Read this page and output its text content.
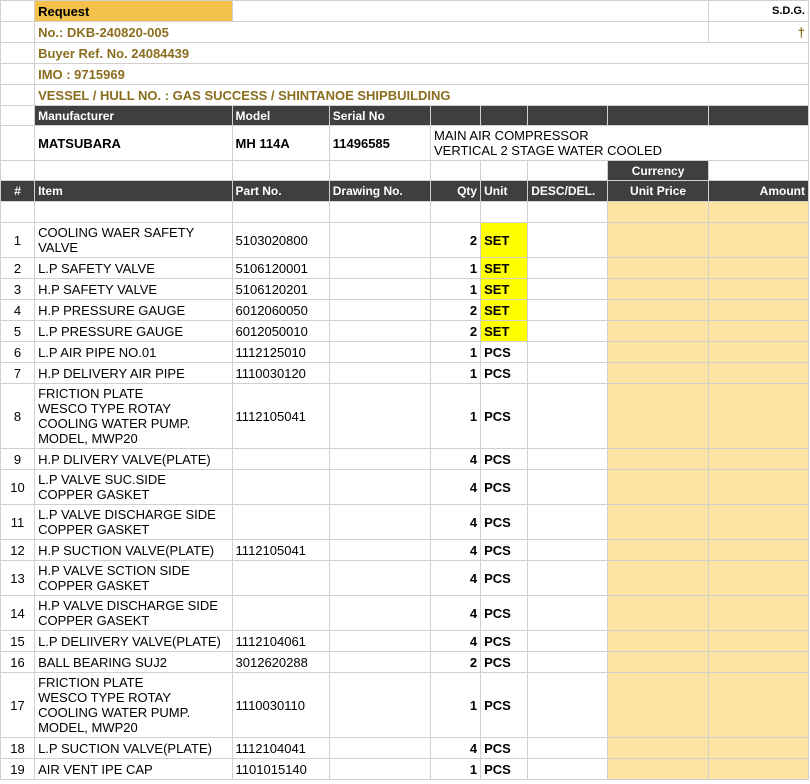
	Request							S.D.G.
	No.: DKB-240820-005							†
	Buyer Ref. No. 24084439							
	IMO : 9715969							
	VESSEL / HULL NO. : GAS SUCCESS / SHINTANOE SHIPBUILDING							
	Manufacturer	Model	Serial No					
	MATSUBARA	MH 114A	11496585	MAIN AIR COMPRESSOR
VERTICAL 2 STAGE WATER COOLED				

							Currency	
#	Item	Part No.	Drawing No.	Qty	Unit	DESC/DEL.	Unit Price	Amount

1	COOLING WAER SAFETY
VALVE	5103020800		2	SET			
2	L.P SAFETY VALVE	5106120001		1	SET			
3	H.P SAFETY VALVE	5106120201		1	SET			
4	H.P PRESSURE GAUGE	6012060050		2	SET			
5	L.P PRESSURE GAUGE	6012050010		2	SET			
6	L.P AIR PIPE NO.01	1112125010		1	PCS			
7	H.P DELIVERY AIR PIPE	1110030120		1	PCS			
8	FRICTION PLATE
WESCO TYPE ROTAY
COOLING WATER PUMP.
MODEL, MWP20	1112105041		1	PCS			
9	H.P DLIVERY VALVE(PLATE)			4	PCS			
10	L.P VALVE SUC.SIDE
COPPER GASKET			4	PCS			
11	L.P VALVE DISCHARGE SIDE
COPPER GASKET			4	PCS			
12	H.P SUCTION VALVE(PLATE)	1112105041		4	PCS			
13	H.P VALVE SCTION SIDE
COPPER GASKET			4	PCS			
14	H.P VALVE DISCHARGE SIDE
COPPER GASEKT			4	PCS			
15	L.P DELIIVERY VALVE(PLATE)	1112104061		4	PCS			
16	BALL BEARING SUJ2	3012620288		2	PCS			
17	FRICTION PLATE
WESCO TYPE ROTAY
COOLING WATER PUMP.
MODEL, MWP20	1110030110		1	PCS			
18	L.P SUCTION VALVE(PLATE)	1112104041		4	PCS			
19	AIR VENT IPE CAP	1101015140		1	PCS			
